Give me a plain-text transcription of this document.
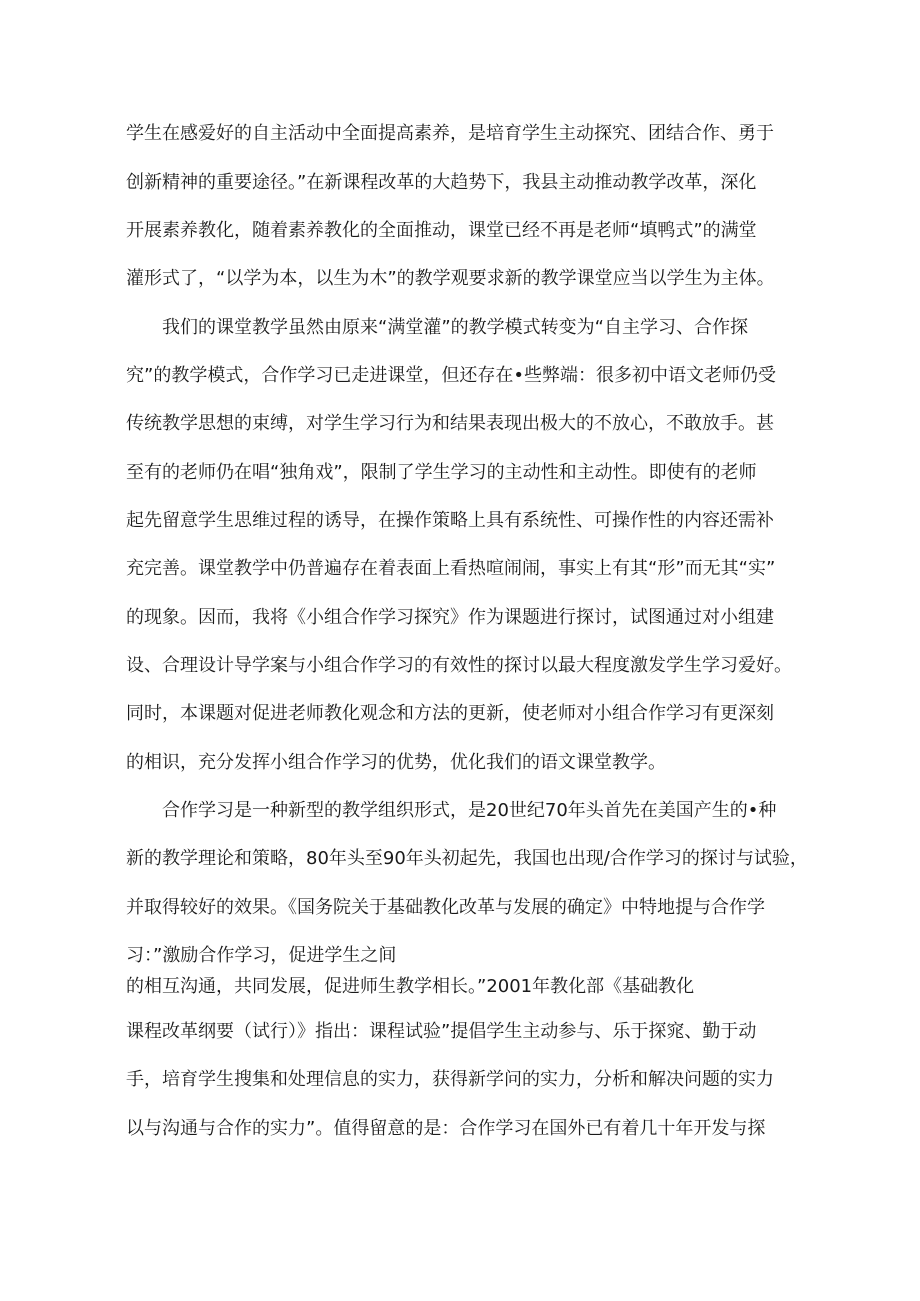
学生在感爱好的自主活动中全面提高素养，是培育学生主动探究、团结合作、勇于
创新精神的重要途径。”在新课程改革的大趋势下，我县主动推动教学改革，深化
开展素养教化，随着素养教化的全面推动，课堂已经不再是老师“填鸭式”的满堂
灌形式了，“以学为本，以生为木”的教学观要求新的教学课堂应当以学生为主体。
我们的课堂教学虽然由原来“满堂灌”的教学模式转变为“自主学习、合作探
究”的教学模式，合作学习已走进课堂，但还存在•些弊端：很多初中语文老师仍受
传统教学思想的束缚，对学生学习行为和结果表现出极大的不放心，不敢放手。甚
至有的老师仍在唱“独角戏”，限制了学生学习的主动性和主动性。即使有的老师
起先留意学生思维过程的诱导，在操作策略上具有系统性、可操作性的内容还需补
充完善。课堂教学中仍普遍存在着表面上看热喧闹闹，事实上有其“形”而无其“实”
的现象。因而，我将《小组合作学习探究》作为课题进行探讨，试图通过对小组建
设、合理设计导学案与小组合作学习的有效性的探讨以最大程度激发学生学习爱好。
同时，本课题对促进老师教化观念和方法的更新，使老师对小组合作学习有更深刻
的相识，充分发挥小组合作学习的优势，优化我们的语文课堂教学。
合作学习是一种新型的教学组织形式，是20世纪70年头首先在美国产生的•种
新的教学理论和策略，80年头至90年头初起先，我国也出现/合作学习的探讨与试验，
并取得较好的效果。《国务院关于基础教化改革与发展的确定》中特地提与合作学
习：”激励合作学习，促进学生之间
的相互沟通，共同发展，促进师生教学相长。”2001年教化部《基础教化
课程改革纲要（试行）》指出：课程试验”提倡学生主动参与、乐于探窕、勤于动
手，培育学生搜集和处理信息的实力，获得新学问的实力，分析和解决问题的实力
以与沟通与合作的实力”。值得留意的是：合作学习在国外已有着几十年开发与探
